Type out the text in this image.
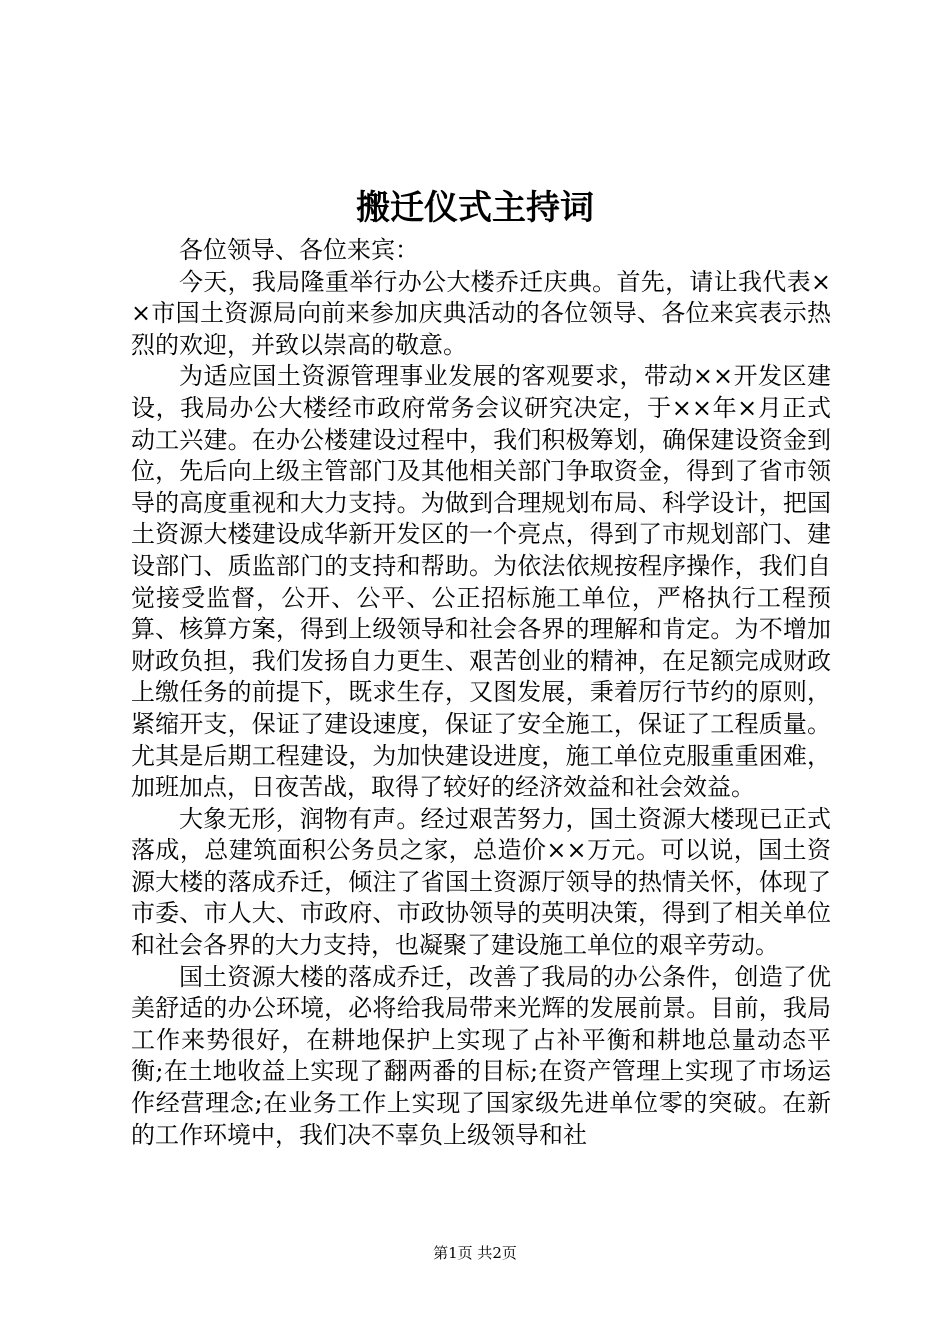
搬迁仪式主持词

各位领导、各位来宾：

今天，我局隆重举行办公大楼乔迁庆典。首先，请让我代表××市国土资源局向前来参加庆典活动的各位领导、各位来宾表示热烈的欢迎，并致以崇高的敬意。

为适应国土资源管理事业发展的客观要求，带动××开发区建设，我局办公大楼经市政府常务会议研究决定，于××年×月正式动工兴建。在办公楼建设过程中，我们积极筹划，确保建设资金到位，先后向上级主管部门及其他相关部门争取资金，得到了省市领导的高度重视和大力支持。为做到合理规划布局、科学设计，把国土资源大楼建设成华新开发区的一个亮点，得到了市规划部门、建设部门、质监部门的支持和帮助。为依法依规按程序操作，我们自觉接受监督，公开、公平、公正招标施工单位，严格执行工程预算、核算方案，得到上级领导和社会各界的理解和肯定。为不增加财政负担，我们发扬自力更生、艰苦创业的精神，在足额完成财政上缴任务的前提下，既求生存，又图发展，秉着厉行节约的原则，紧缩开支，保证了建设速度，保证了安全施工，保证了工程质量。尤其是后期工程建设，为加快建设进度，施工单位克服重重困难，加班加点，日夜苦战，取得了较好的经济效益和社会效益。

大象无形，润物有声。经过艰苦努力，国土资源大楼现已正式落成，总建筑面积公务员之家，总造价××万元。可以说，国土资源大楼的落成乔迁，倾注了省国土资源厅领导的热情关怀，体现了市委、市人大、市政府、市政协领导的英明决策，得到了相关单位和社会各界的大力支持，也凝聚了建设施工单位的艰辛劳动。

国土资源大楼的落成乔迁，改善了我局的办公条件，创造了优美舒适的办公环境，必将给我局带来光辉的发展前景。目前，我局工作来势很好，在耕地保护上实现了占补平衡和耕地总量动态平衡;在土地收益上实现了翻两番的目标;在资产管理上实现了市场运作经营理念;在业务工作上实现了国家级先进单位零的突破。在新的工作环境中，我们决不辜负上级领导和社

第1页 共2页
